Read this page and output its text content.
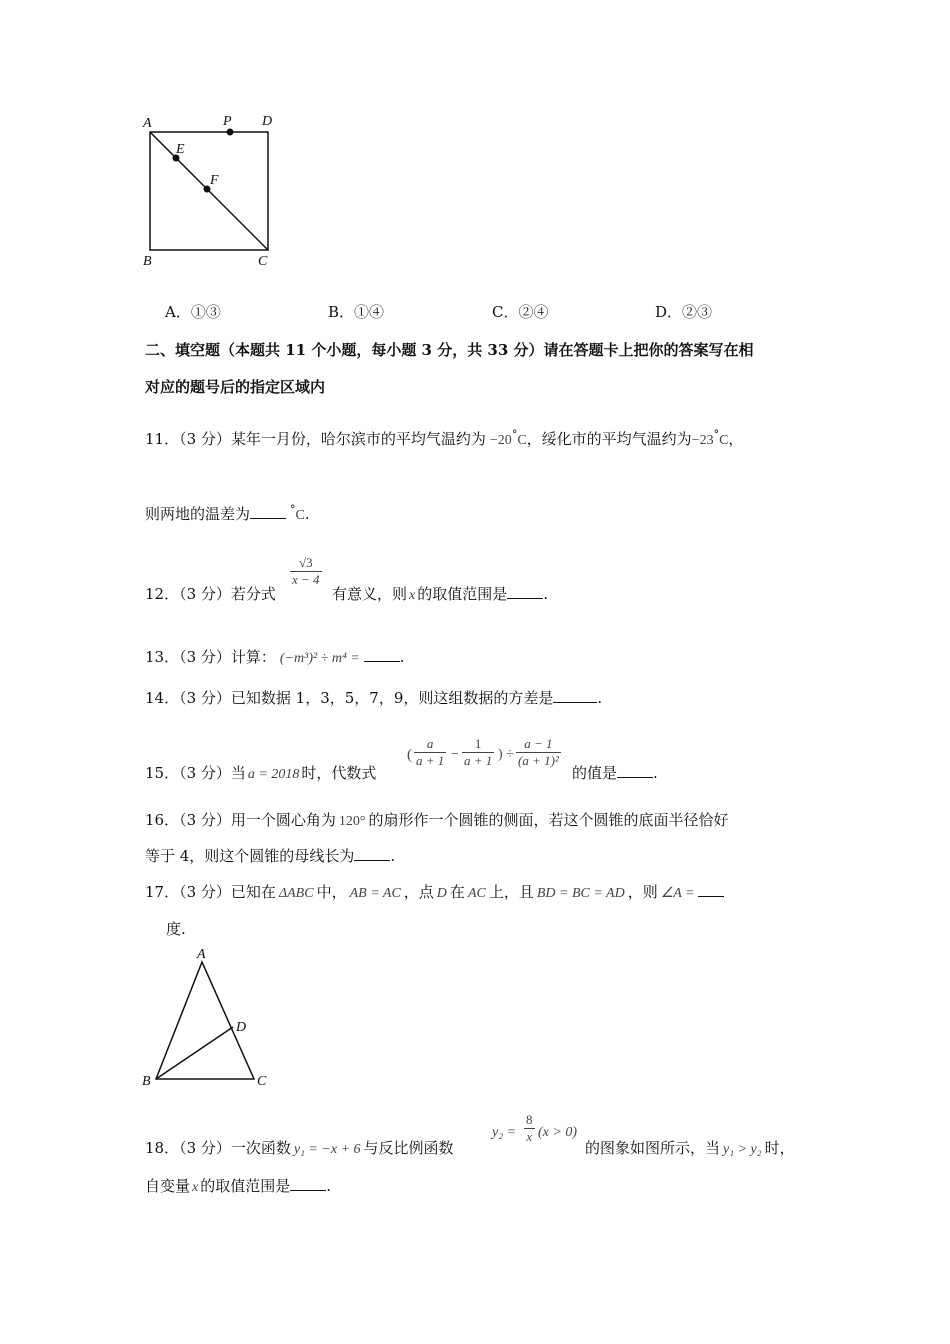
A	P D
E
F
B	C
A．①③	B．①④	C．②④	D．②③
二、填空题（本题共 11 个小题，每小题 3 分，共 33 分）请在答题卡上把你的答案写在相
对应的题号后的指定区域内
11．（3 分）某年一月份，哈尔滨市的平均气温约为 −20°C，绥化市的平均气温约为−23°C，
则两地的温差为	°C.
12．（3 分）若分式
$\frac{√3}{x - 4}$
有意义，则 x 的取值范围是 .
13．（3 分）计算： (−m³)² ÷ m⁴ =	.
14．（3 分）已知数据 1，3，5，7，9，则这组数据的方差是	.
15．（3 分）当 a = 2018 时，代数式
( $\frac{a}{a + 1} - \frac{1}{a + 1}$ ) ÷ $\frac{a - 1}{\text{(a + 1)²}}$
的值是 .
16．（3 分）用一个圆心角为 120° 的扇形作一个圆锥的侧面，若这个圆锥的底面半径恰好
等于 4，则这个圆锥的母线长为 .
17．（3 分）已知在 ΔABC 中， AB = AC ，点 D 在 AC 上，且 BD = BC = AD ，则 ∠A =
度.
A
D
B	C
18．（3 分）一次函数 y₁ = −x + 6 与反比例函数
$y_2 = \frac{8}{x} (x > 0)$
的图象如图所示，当 y₁ > y₂ 时，
自变量 x 的取值范围是 .
